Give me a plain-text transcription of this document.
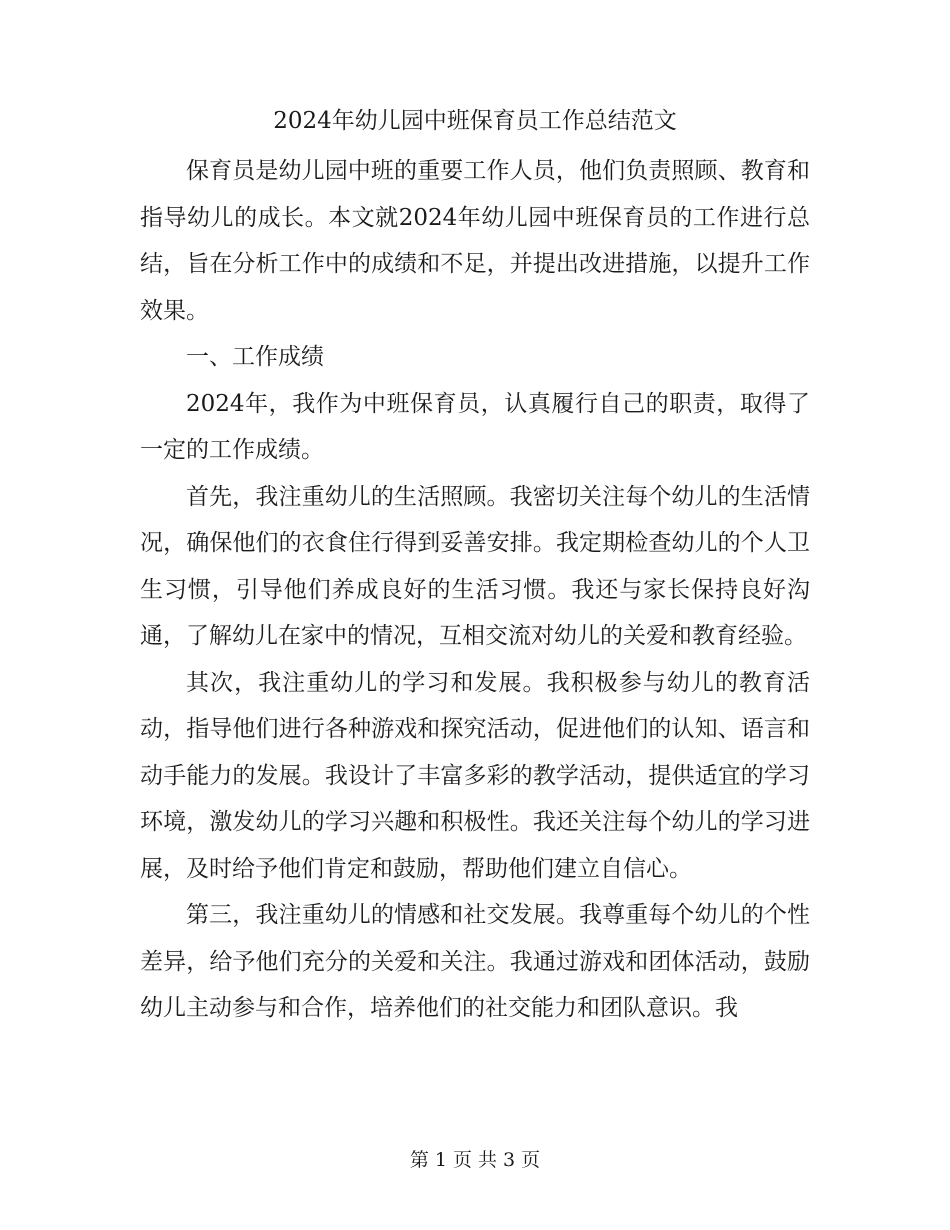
2024年幼儿园中班保育员工作总结范文

保育员是幼儿园中班的重要工作人员，他们负责照顾、教育和指导幼儿的成长。本文就2024年幼儿园中班保育员的工作进行总结，旨在分析工作中的成绩和不足，并提出改进措施，以提升工作效果。

一、工作成绩

2024年，我作为中班保育员，认真履行自己的职责，取得了一定的工作成绩。

首先，我注重幼儿的生活照顾。我密切关注每个幼儿的生活情况，确保他们的衣食住行得到妥善安排。我定期检查幼儿的个人卫生习惯，引导他们养成良好的生活习惯。我还与家长保持良好沟通，了解幼儿在家中的情况，互相交流对幼儿的关爱和教育经验。

其次，我注重幼儿的学习和发展。我积极参与幼儿的教育活动，指导他们进行各种游戏和探究活动，促进他们的认知、语言和动手能力的发展。我设计了丰富多彩的教学活动，提供适宜的学习环境，激发幼儿的学习兴趣和积极性。我还关注每个幼儿的学习进展，及时给予他们肯定和鼓励，帮助他们建立自信心。

第三，我注重幼儿的情感和社交发展。我尊重每个幼儿的个性差异，给予他们充分的关爱和关注。我通过游戏和团体活动，鼓励幼儿主动参与和合作，培养他们的社交能力和团队意识。我

第 1 页 共 3 页
